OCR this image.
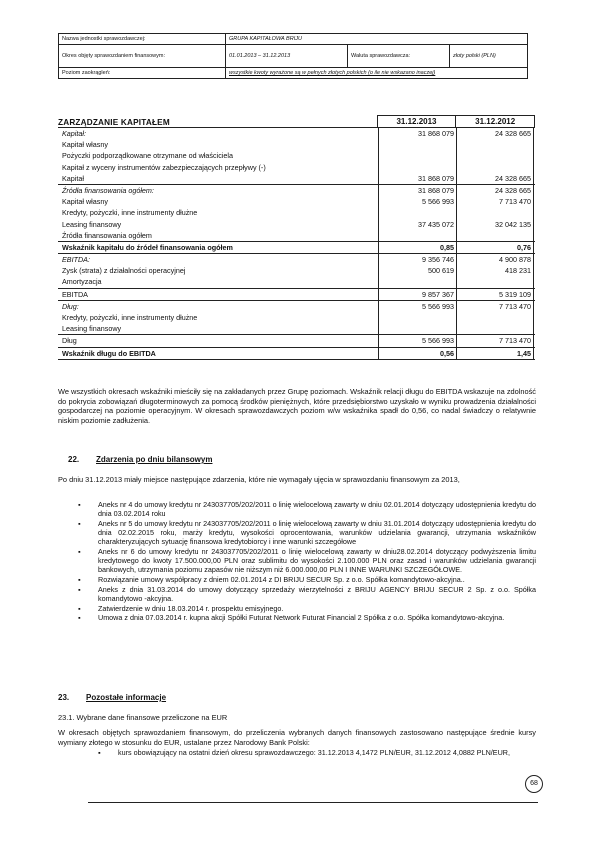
Nazwa jednostki sprawozdawczej:	GRUPA KAPITAŁOWA BRIJU
Okres objęty sprawozdaniem finansowym:	01.01.2013 – 31.12.2013	Waluta sprawozdawcza:	złoty polski (PLN)
Poziom zaokrągleń:	wszystkie kwoty wyrażone są w pełnych złotych polskich (o ile nie wskazano inaczej)
ZARZĄDZANIE KAPITAŁEM	31.12.2013	31.12.2012
Kapitał:	31 868 079	24 328 665
Kapitał własny
Pożyczki podporządkowane otrzymane od właściciela
Kapitał z wyceny instrumentów zabezpieczających przepływy (-)
Kapitał	31 868 079	24 328 665
Źródła finansowania ogółem:	31 868 079	24 328 665
Kapitał własny	5 566 993	7 713 470
Kredyty, pożyczki, inne instrumenty dłużne
Leasing finansowy	37 435 072	32 042 135
Źródła finansowania ogółem
Wskaźnik kapitału do źródeł finansowania ogółem	0,85	0,76
EBITDA:	9 356 746	4 900 878
Zysk (strata) z działalności operacyjnej	500 619	418 231
Amortyzacja
EBITDA	9 857 367	5 319 109
Dług:	5 566 993	7 713 470
Kredyty, pożyczki, inne instrumenty dłużne
Leasing finansowy
Dług	5 566 993	7 713 470
Wskaźnik długu do EBITDA	0,56	1,45
We wszystkich okresach wskaźniki mieściły się na zakładanych przez Grupę poziomach. Wskaźnik relacji długu do EBITDA wskazuje na zdolność do pokrycia zobowiązań długoterminowych za pomocą środków pieniężnych, które przedsiębiorstwo uzyskało w wyniku prowadzenia działalności gospodarczej na poziomie operacyjnym. W okresach sprawozdawczych poziom w/w wskaźnika spadł do 0,56, co nadal świadczy o relatywnie niskim poziomie zadłużenia.
22. Zdarzenia po dniu bilansowym
Po dniu 31.12.2013 miały miejsce następujące zdarzenia, które nie wymagały ujęcia w sprawozdaniu finansowym za 2013,
▪ Aneks nr 4 do umowy kredytu nr 243037705/202/2011 o linię wielocelową zawarty w dniu 02.01.2014 dotyczący udostępnienia kredytu do dnia 03.02.2014 roku
▪ Aneks nr 5 do umowy kredytu nr 243037705/202/2011 o linię wielocelową zawarty w dniu 31.01.2014 dotyczący udostępnienia kredytu do dnia 02.02.2015 roku, marży kredytu, wysokości oprocentowania, warunków udzielania gwarancji, utrzymania wskaźników charakteryzujących sytuację finansowa kredytobiorcy i inne warunki szczegółowe
▪ Aneks nr 6 do umowy kredytu nr 243037705/202/2011 o linię wielocelową zawarty w dniu28.02.2014 dotyczący podwyższenia limitu kredytowego do kwoty 17.500.000,00 PLN oraz sublimitu do wysokości 2.100.000 PLN oraz zasad i warunków udzielania gwarancji bankowych, utrzymania poziomu zapasów nie niższym niż 6.000.000,00 PLN I INNE WARUNKI SZCZEGÓŁOWE.
▪ Rozwiązanie umowy współpracy z dniem 02.01.2014 z DI BRIJU SECUR Sp. z o.o. Spółka komandytowo-akcyjna..
▪ Aneks z dnia 31.03.2014 do umowy dotyczący sprzedaży wierzytelności z BRIJU AGENCY BRIJU SECUR 2 Sp. z o.o. Spółka komandytowo -akcyjna.
▪ Zatwierdzenie w dniu 18.03.2014 r. prospektu emisyjnego.
▪ Umowa z dnia 07.03.2014 r. kupna akcji Spółki Futurat Network Futurat Financial 2 Spółka z o.o. Spółka komandytowo-akcyjna.
23. Pozostałe informacje
23.1. Wybrane dane finansowe przeliczone na EUR
W okresach objętych sprawozdaniem finansowym, do przeliczenia wybranych danych finansowych zastosowano następujące średnie kursy wymiany złotego w stosunku do EUR, ustalane przez Narodowy Bank Polski:
▪ kurs obowiązujący na ostatni dzień okresu sprawozdawczego: 31.12.2013 4,1472 PLN/EUR, 31.12.2012 4,0882 PLN/EUR,
68
